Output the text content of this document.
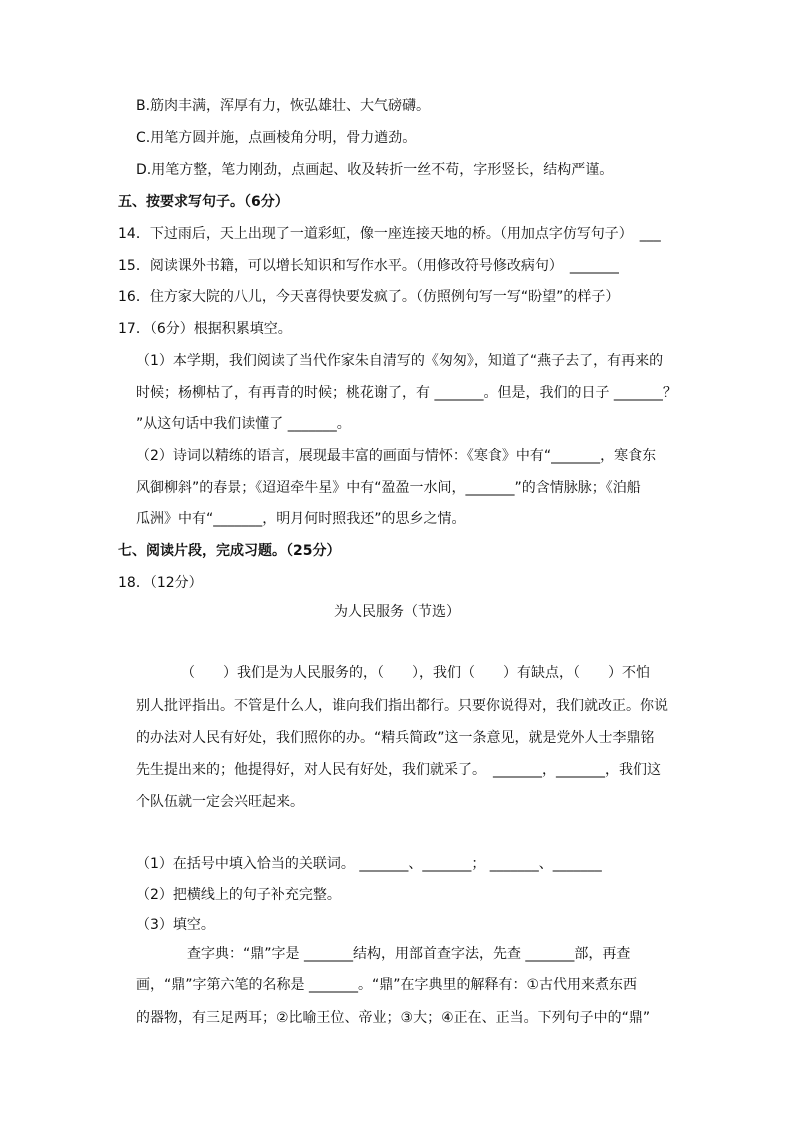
B.筋肉丰满，浑厚有力，恢弘雄壮、大气磅礴。
C.用笔方圆并施，点画棱角分明，骨力遒劲。
D.用笔方整，笔力刚劲，点画起、收及转折一丝不苟，字形竖长，结构严谨。
五、按要求写句子。（6分）
14．下过雨后，天上出现了一道彩虹，像一座连接天地的桥。（用加点字仿写句子）　___
15．阅读课外书籍，可以增长知识和写作水平。（用修改符号修改病句）　_______
16．住方家大院的八儿，今天喜得快要发疯了。（仿照例句写一写“盼望”的样子）
17．（6分）根据积累填空。
（1）本学期，我们阅读了当代作家朱自清写的《匆匆》，知道了“燕子去了，有再来的
时候；杨柳枯了，有再青的时候；桃花谢了，有 _______。但是，我们的日子 _______？
”从这句话中我们读懂了 _______。
（2）诗词以精练的语言，展现最丰富的画面与情怀：《寒食》中有“_______，寒食东
风御柳斜”的春景；《迢迢牵牛星》中有“盈盈一水间，_______”的含情脉脉；《泊船
瓜洲》中有“_______，明月何时照我还”的思乡之情。
七、阅读片段，完成习题。（25分）
18．（12分）
为人民服务（节选）
（　　）我们是为人民服务的，（　　），我们（　　）有缺点，（　　）不怕
别人批评指出。不管是什么人，谁向我们指出都行。只要你说得对，我们就改正。你说
的办法对人民有好处，我们照你的办。“精兵简政”这一条意见，就是党外人士李鼎铭
先生提出来的；他提得好，对人民有好处，我们就采了。　_______，_______，我们这
个队伍就一定会兴旺起来。
（1）在括号中填入恰当的关联词。 _______、_______； _______、_______
（2）把横线上的句子补充完整。
（3）填空。
查字典：“鼎”字是 _______结构，用部首查字法，先查 _______部，再查
画，“鼎”字第六笔的名称是 _______。“鼎”在字典里的解释有：①古代用来煮东西
的器物，有三足两耳；②比喻王位、帝业；③大；④正在、正当。下列句子中的“鼎”
